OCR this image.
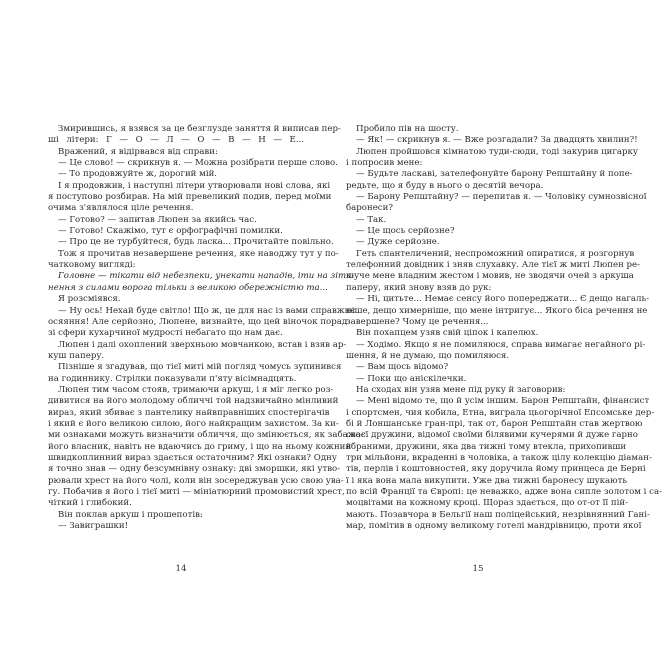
Змирившись, я взявся за це безглузде заняття й виписав пер-
ші літери: Г — О — Л — О — В — Н — Е...
Вражений, я відірвався від справи:
— Це слово! — скрикнув я. — Можна розібрати перше слово.
— То продовжуйте ж, дорогий мій.
І я продовжив, і наступні літери утворювали нові слова, які
я поступово розбирав. На мій превеликий подив, перед моїми
очима з'являлося ціле речення.
— Готово? — запитав Люпен за якийсь час.
— Готово! Скажімо, тут є орфографічні помилки.
— Про це не турбуйтеся, будь ласка... Прочитайте повільно.
Тож я прочитав незавершене речення, яке наводжу тут у по-
чатковому вигляді:
Головне — тікати від небезпеки, унекати нападів, іти на зітк-
нення з силами ворога тільки з великою обережністю та...
Я розсміявся.
— Ну ось! Нехай буде світло! Що ж, це для нас із вами справжнє
осяяння! Але серйозно, Люпене, визнайте, що цей віночок порад
зі сфери кухарчиної мудрості небагато що нам дає.
Люпен і далі охоплений зверхньою мовчанкою, встав і взяв ар-
куш паперу.
Пізніше я згадував, що тієї миті мій погляд чомусь зупинився
на годиннику. Стрілки показували п'яту вісімнадцять.
Люпен тим часом стояв, тримаючи аркуш, і я міг легко роз-
дивитися на його молодому обличчі той надзвичайно мінливий
вираз, який збиває з пантелику найвправніших спостерігачів
і який є його великою силою, його найкращим захистом. За ки-
ми ознаками можуть визначити обличчя, що змінюється, як забажає
його власник, навіть не вдаючись до гриму, і що на ньому кожний
швидкоплинний вираз здається остаточним? Які ознаки? Одну
я точно знав — одну безсумнівну ознаку: дві зморшки, які утво-
рювали хрест на його чолі, коли він зосереджував усю свою ува-
гу. Побачив я його і тієї миті — мініатюрний промовистий хрест,
чіткий і глибокий.
Він поклав аркуш і прошепотів:
— Завиграшки!
Пробило пів на шосту.
— Як! — скрикнув я. — Вже розгадали? За двадцять хвилин?!
Люпен пройшовся кімнатою туди-сюди, тоді закурив цигарку
і попросив мене:
— Будьте ласкаві, зателефонуйте барону Репштайну й попе-
редьте, що я буду в нього о десятій вечора.
— Барону Репштайну? — перепитав я. — Чоловіку сумнозвісної
баронеси?
— Так.
— Це щось серйозне?
— Дуже серйозне.
Геть спантеличений, неспроможний опиратися, я розгорнув
телефонний довідник і зняв слухавку. Але тієї ж миті Люпен ре-
шуче мене владним жестом і мовив, не зводячи очей з аркуша
паперу, який знову взяв до рук:
— Ні, цитьте... Немає сенсу його попереджати... Є дещо нагаль-
ніше, дещо химерніше, що мене інтригує... Якого біса речення не
завершене? Чому це речення...
Він похапцем узяв свій ціпок і капелюх.
— Ходімо. Якщо я не помиляюся, справа вимагає негайного рі-
шення, й не думаю, що помиляюся.
— Вам щось відомо?
— Поки що аніскілечки.
На сходах він узяв мене під руку й заговорив:
— Мені відомо те, що й усім іншим. Барон Репштайн, фінансист
і спортсмен, чия кобила, Етна, виграла цьогорічної Епсомське дер-
бі й Лоншанське гран-прі, так от, барон Репштайн став жертвою
своєї дружини, відомої своїми білявими кучерями й дуже гарно
вбраними, дружини, яка два тижні тому втекла, прихопивши
три мільйони, вкраденні в чоловіка, а також цілу колекцію діаман-
тів, перлів і коштовностей, яку доручила йому принцеса де Берні
ї і яка вона мала викупити. Уже два тижні баронесу шукають
по всій Франції та Європі: це неважко, адже вона сипле золотом і са-
моцвітами на кожному кроці. Щораз здається, що от-от її пій-
мають. Позавчора в Бельгії наш поліцейський, незрівнянний Ганi-
мар, помітив в одному великому готелі мандрівницю, проти якої
14	15
